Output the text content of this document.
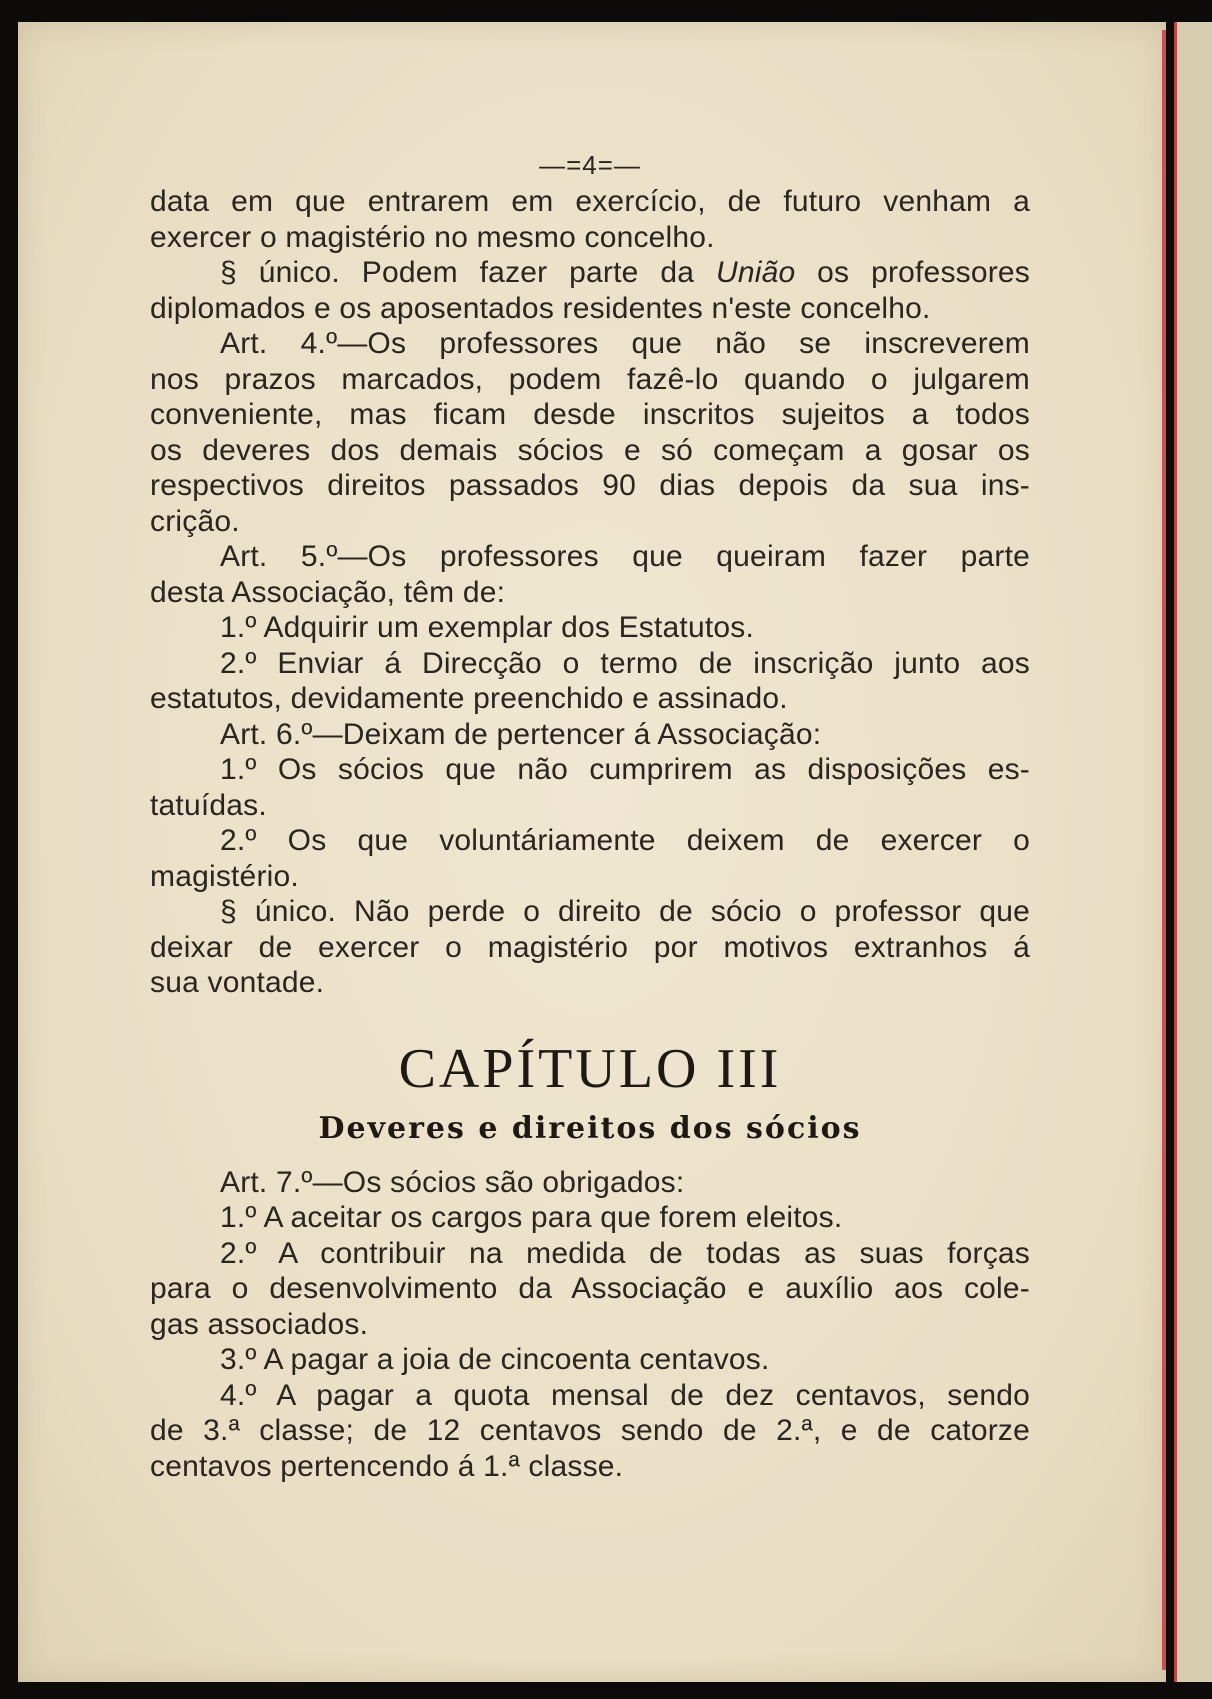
—=4=—
data em que entrarem em exercício, de futuro venham a
exercer o magistério no mesmo concelho.
§ único. Podem fazer parte da União os professores
diplomados e os aposentados residentes n'este concelho.
Art. 4.º—Os professores que não se inscreverem
nos prazos marcados, podem fazê-lo quando o julgarem
conveniente, mas ficam desde inscritos sujeitos a todos
os deveres dos demais sócios e só começam a gosar os
respectivos direitos passados 90 dias depois da sua ins-
crição.
Art. 5.º—Os professores que queiram fazer parte
desta Associação, têm de:
1.º Adquirir um exemplar dos Estatutos.
2.º Enviar á Direcção o termo de inscrição junto aos
estatutos, devidamente preenchido e assinado.
Art. 6.º—Deixam de pertencer á Associação:
1.º Os sócios que não cumprirem as disposições es-
tatuídas.
2.º Os que voluntáriamente deixem de exercer o
magistério.
§ único. Não perde o direito de sócio o professor que
deixar de exercer o magistério por motivos extranhos á
sua vontade.
CAPÍTULO III
Deveres e direitos dos sócios
Art. 7.º—Os sócios são obrigados:
1.º A aceitar os cargos para que forem eleitos.
2.º A contribuir na medida de todas as suas forças
para o desenvolvimento da Associação e auxílio aos cole-
gas associados.
3.º A pagar a joia de cincoenta centavos.
4.º A pagar a quota mensal de dez centavos, sendo
de 3.ª classe; de 12 centavos sendo de 2.ª, e de catorze
centavos pertencendo á 1.ª classe.
